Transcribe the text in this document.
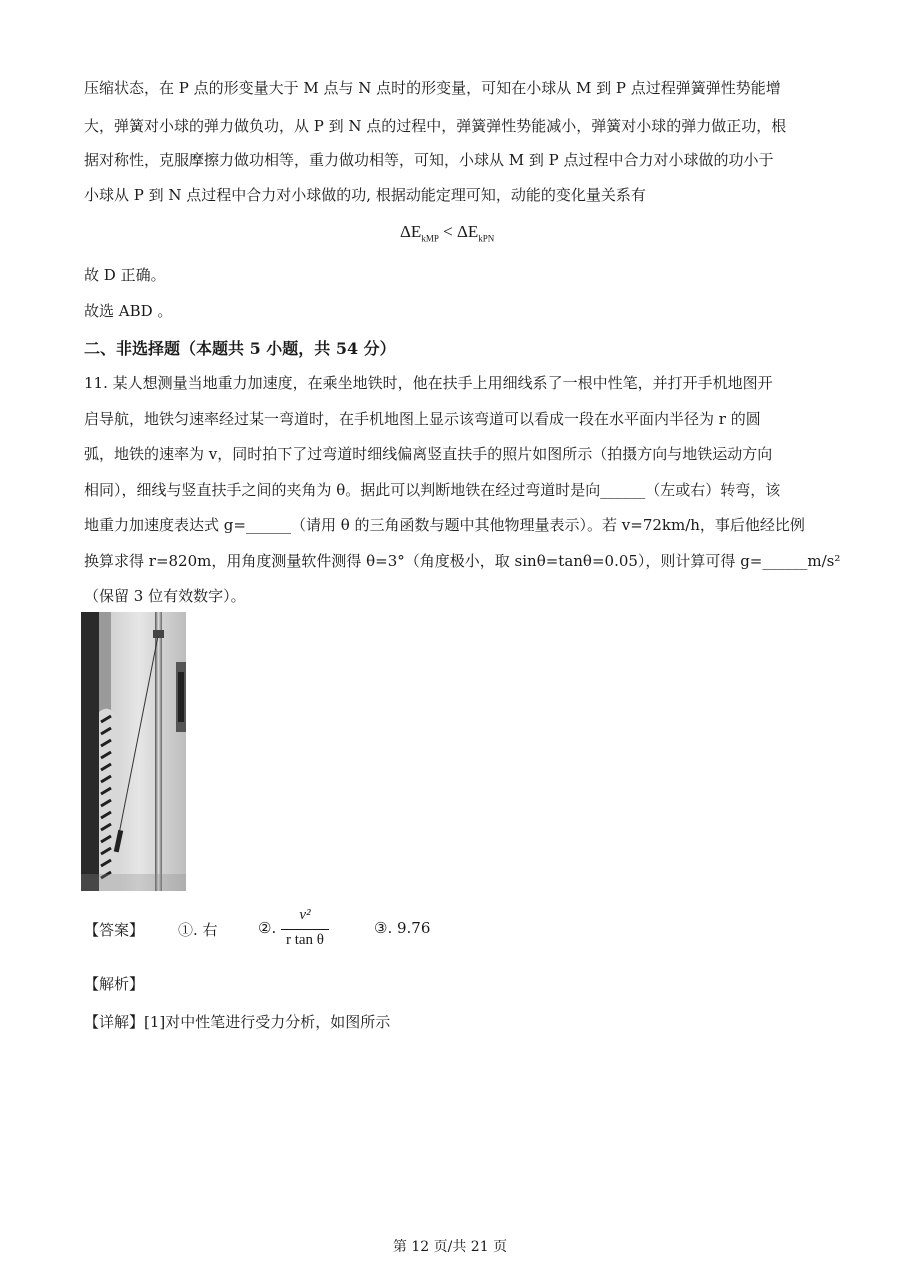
压缩状态，在 P 点的形变量大于 M 点与 N 点时的形变量，可知在小球从 M 到 P 点过程弹簧弹性势能增
大，弹簧对小球的弹力做负功，从 P 到 N 点的过程中，弹簧弹性势能减小，弹簧对小球的弹力做正功，根
据对称性，克服摩擦力做功相等，重力做功相等，可知，小球从 M 到 P 点过程中合力对小球做的功小于
小球从 P 到 N 点过程中合力对小球做的功, 根据动能定理可知，动能的变化量关系有
$\Delta E_{kMP} < \Delta E_{kPN}$
故 D 正确。
故选 ABD 。
二、非选择题（本题共 5 小题，共 54 分）
11. 某人想测量当地重力加速度，在乘坐地铁时，他在扶手上用细线系了一根中性笔，并打开手机地图开
启导航，地铁匀速率经过某一弯道时，在手机地图上显示该弯道可以看成一段在水平面内半径为 r 的圆
弧，地铁的速率为 v，同时拍下了过弯道时细线偏离竖直扶手的照片如图所示（拍摄方向与地铁运动方向
相同），细线与竖直扶手之间的夹角为 θ。据此可以判断地铁在经过弯道时是向______（左或右）转弯，该
地重力加速度表达式 g=______（请用 θ 的三角函数与题中其他物理量表示）。若 v=72km/h，事后他经比例
换算求得 r=820m，用角度测量软件测得 θ=3°（角度极小，取 sinθ=tanθ=0.05），则计算可得 g=______m/s²
（保留 3 位有效数字）。
【答案】 ①. 右	②.
v²
r tan θ
③. 9.76
【解析】
【详解】[1]对中性笔进行受力分析，如图所示
第 12 页/共 21 页
